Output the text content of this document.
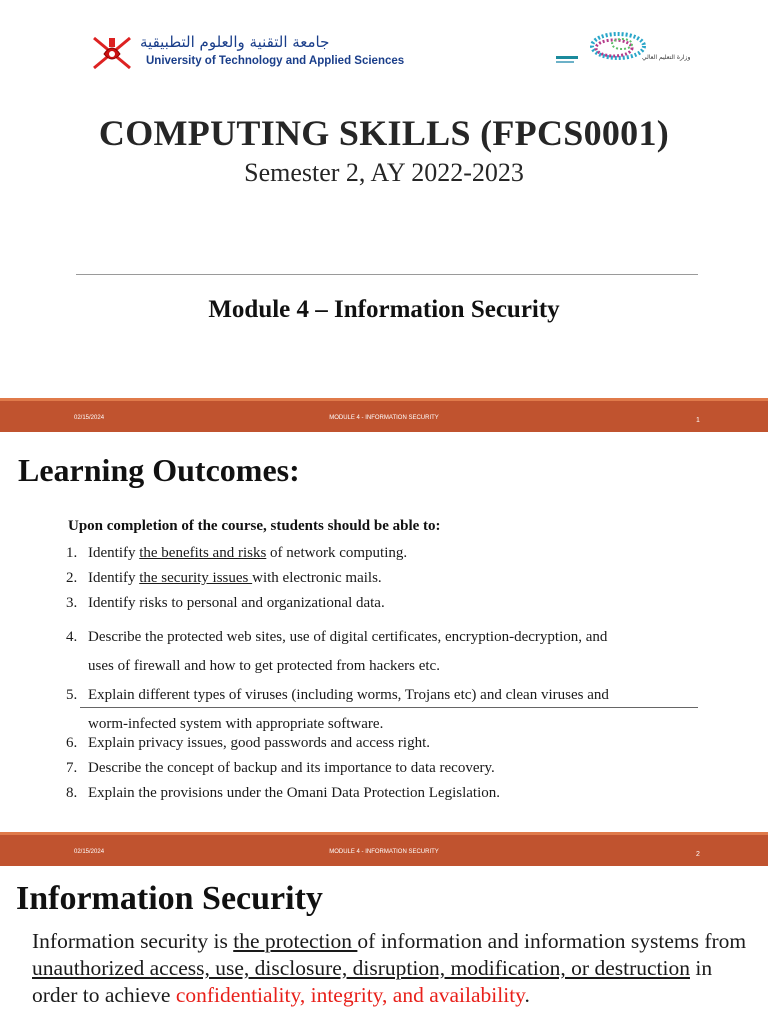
جامعة التقنية والعلوم التطبيقية
University of Technology and Applied Sciences	وزارة التعليم العالي
COMPUTING SKILLS (FPCS0001)
Semester 2, AY 2022-2023
Module 4 – Information Security
02/15/2024	MODULE 4 - INFORMATION SECURITY	1
Learning Outcomes:
Upon completion of the course, students should be able to:
1. Identify the benefits and risks of network computing.
2. Identify the security issues with electronic mails.
3. Identify risks to personal and organizational data.
4. Describe the protected web sites, use of digital certificates, encryption-decryption, and
uses of firewall and how to get protected from hackers etc.
5. Explain different types of viruses (including worms, Trojans etc) and clean viruses and
worm-infected system with appropriate software.
6. Explain privacy issues, good passwords and access right.
7. Describe the concept of backup and its importance to data recovery.
8. Explain the provisions under the Omani Data Protection Legislation.
02/15/2024	MODULE 4 - INFORMATION SECURITY	2
Information Security
Information security is the protection of information and information systems from unauthorized access, use, disclosure, disruption, modification, or destruction in order to achieve confidentiality, integrity, and availability.
